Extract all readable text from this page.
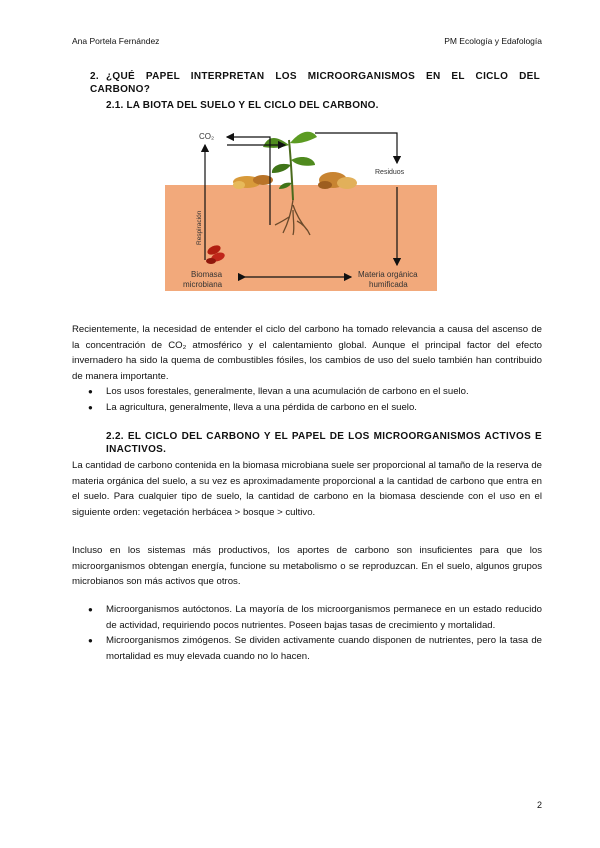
Ana Portela Fernández	PM Ecología y Edafología
2. ¿QUÉ PAPEL INTERPRETAN LOS MICROORGANISMOS EN EL CICLO DEL CARBONO?
2.1. LA BIOTA DEL SUELO Y EL CICLO DEL CARBONO.
CO₂
Residuos
Respiración
Biomasa
microbiana
Materia orgánica
humificada

Recientemente, la necesidad de entender el ciclo del carbono ha tomado relevancia a causa del ascenso de la concentración de CO₂ atmosférico y el calentamiento global. Aunque el principal factor del efecto invernadero ha sido la quema de combustibles fósiles, los cambios de uso del suelo también han contribuido de manera importante.

● Los usos forestales, generalmente, llevan a una acumulación de carbono en el suelo.
● La agricultura, generalmente, lleva a una pérdida de carbono en el suelo.
2.2. EL CICLO DEL CARBONO Y EL PAPEL DE LOS MICROORGANISMOS ACTIVOS E INACTIVOS.

La cantidad de carbono contenida en la biomasa microbiana suele ser proporcional al tamaño de la reserva de materia orgánica del suelo, a su vez es aproximadamente proporcional a la cantidad de carbono que entra en el suelo. Para cualquier tipo de suelo, la cantidad de carbono en la biomasa desciende con el uso en el siguiente orden: vegetación herbácea > bosque > cultivo.

Incluso en los sistemas más productivos, los aportes de carbono son insuficientes para que los microorganismos obtengan energía, funcione su metabolismo o se reproduzcan. En el suelo, algunos grupos microbianos son más activos que otros.

● Microorganismos autóctonos. La mayoría de los microorganismos permanece en un estado reducido de actividad, requiriendo pocos nutrientes. Poseen bajas tasas de crecimiento y mortalidad.
● Microorganismos zimógenos. Se dividen activamente cuando disponen de nutrientes, pero la tasa de mortalidad es muy elevada cuando no lo hacen.
2
